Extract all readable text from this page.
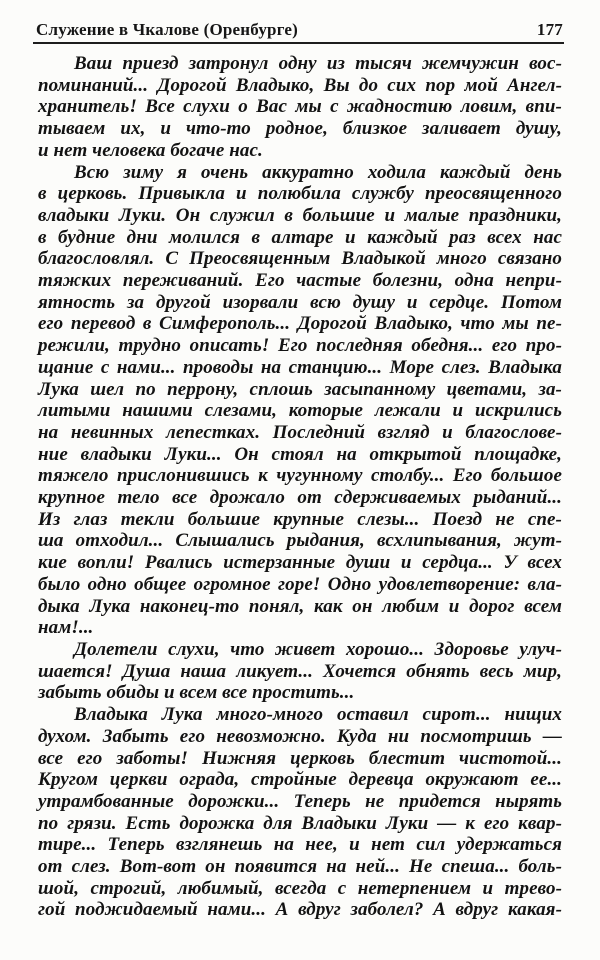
Служение в Чкалове (Оренбурге)	177
Ваш приезд затронул одну из тысяч жемчужин вос-
поминаний... Дорогой Владыко, Вы до сих пор мой Ангел-
хранитель! Все слухи о Вас мы с жадностию ловим, впи-
тываем их, и что-то родное, близкое заливает душу,
и нет человека богаче нас.
Всю зиму я очень аккуратно ходила каждый день
в церковь. Привыкла и полюбила службу преосвященного
владыки Луки. Он служил в большие и малые праздники,
в будние дни молился в алтаре и каждый раз всех нас
благословлял. С Преосвященным Владыкой много связано
тяжких переживаний. Его частые болезни, одна непри-
ятность за другой изорвали всю душу и сердце. Потом
его перевод в Симферополь... Дорогой Владыко, что мы пе-
режили, трудно описать! Его последняя обедня... его про-
щание с нами... проводы на станцию... Море слез. Владыка
Лука шел по перрону, сплошь засыпанному цветами, за-
литыми нашими слезами, которые лежали и искрились
на невинных лепестках. Последний взгляд и благослове-
ние владыки Луки... Он стоял на открытой площадке,
тяжело прислонившись к чугунному столбу... Его большое
крупное тело все дрожало от сдерживаемых рыданий...
Из глаз текли большие крупные слезы... Поезд не спе-
ша отходил... Слышались рыдания, всхлипывания, жут-
кие вопли! Рвались истерзанные души и сердца... У всех
было одно общее огромное горе! Одно удовлетворение: вла-
дыка Лука наконец-то понял, как он любим и дорог всем
нам!...
Долетели слухи, что живет хорошо... Здоровье улуч-
шается! Душа наша ликует... Хочется обнять весь мир,
забыть обиды и всем все простить...
Владыка Лука много-много оставил сирот... нищих
духом. Забыть его невозможно. Куда ни посмотришь —
все его заботы! Нижняя церковь блестит чистотой...
Кругом церкви ограда, стройные деревца окружают ее...
утрамбованные дорожки... Теперь не придется нырять
по грязи. Есть дорожка для Владыки Луки — к его квар-
тире... Теперь взглянешь на нее, и нет сил удержаться
от слез. Вот-вот он появится на ней... Не спеша... боль-
шой, строгий, любимый, всегда с нетерпением и трево-
гой поджидаемый нами... А вдруг заболел? А вдруг какая-
